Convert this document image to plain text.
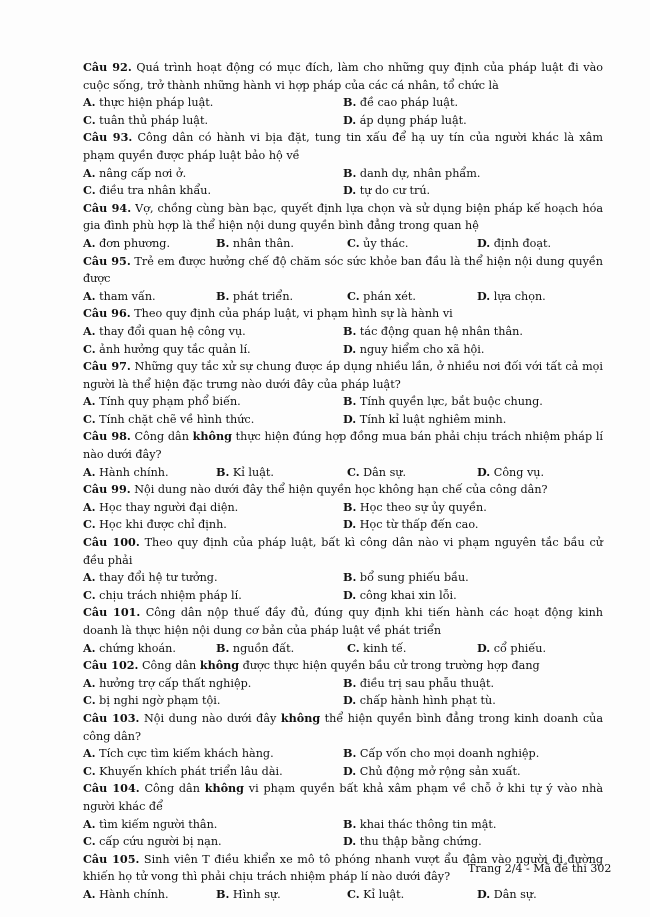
Câu 92. Quá trình hoạt động có mục đích, làm cho những quy định của pháp luật đi vào cuộc sống, trở thành những hành vi hợp pháp của các cá nhân, tổ chức là
A. thực hiện pháp luật.	B. đề cao pháp luật.
C. tuân thủ pháp luật.	D. áp dụng pháp luật.
Câu 93. Công dân có hành vi bịa đặt, tung tin xấu để hạ uy tín của người khác là xâm phạm quyền được pháp luật bảo hộ về
A. nâng cấp nơi ở.	B. danh dự, nhân phẩm.
C. điều tra nhân khẩu.	D. tự do cư trú.
Câu 94. Vợ, chồng cùng bàn bạc, quyết định lựa chọn và sử dụng biện pháp kế hoạch hóa gia đình phù hợp là thể hiện nội dung quyền bình đẳng trong quan hệ
A. đơn phương.	B. nhân thân.	C. ủy thác.	D. định đoạt.
Câu 95. Trẻ em được hưởng chế độ chăm sóc sức khỏe ban đầu là thể hiện nội dung quyền được
A. tham vấn.	B. phát triển.	C. phán xét.	D. lựa chọn.
Câu 96. Theo quy định của pháp luật, vi phạm hình sự là hành vi
A. thay đổi quan hệ công vụ.	B. tác động quan hệ nhân thân.
C. ảnh hưởng quy tắc quản lí.	D. nguy hiểm cho xã hội.
Câu 97. Những quy tắc xử sự chung được áp dụng nhiều lần, ở nhiều nơi đối với tất cả mọi người là thể hiện đặc trưng nào dưới đây của pháp luật?
A. Tính quy phạm phổ biến.	B. Tính quyền lực, bắt buộc chung.
C. Tính chặt chẽ về hình thức.	D. Tính kỉ luật nghiêm minh.
Câu 98. Công dân không thực hiện đúng hợp đồng mua bán phải chịu trách nhiệm pháp lí nào dưới đây?
A. Hành chính.	B. Kỉ luật.	C. Dân sự.	D. Công vụ.
Câu 99. Nội dung nào dưới đây thể hiện quyền học không hạn chế của công dân?
A. Học thay người đại diện.	B. Học theo sự ủy quyền.
C. Học khi được chỉ định.	D. Học từ thấp đến cao.
Câu 100. Theo quy định của pháp luật, bất kì công dân nào vi phạm nguyên tắc bầu cử đều phải
A. thay đổi hệ tư tưởng.	B. bổ sung phiếu bầu.
C. chịu trách nhiệm pháp lí.	D. công khai xin lỗi.
Câu 101. Công dân nộp thuế đầy đủ, đúng quy định khi tiến hành các hoạt động kinh doanh là thực hiện nội dung cơ bản của pháp luật về phát triển
A. chứng khoán.	B. nguồn đất.	C. kinh tế.	D. cổ phiếu.
Câu 102. Công dân không được thực hiện quyền bầu cử trong trường hợp đang
A. hưởng trợ cấp thất nghiệp.	B. điều trị sau phẫu thuật.
C. bị nghi ngờ phạm tội.	D. chấp hành hình phạt tù.
Câu 103. Nội dung nào dưới đây không thể hiện quyền bình đẳng trong kinh doanh của công dân?
A. Tích cực tìm kiếm khách hàng.	B. Cấp vốn cho mọi doanh nghiệp.
C. Khuyến khích phát triển lâu dài.	D. Chủ động mở rộng sản xuất.
Câu 104. Công dân không vi phạm quyền bất khả xâm phạm về chỗ ở khi tự ý vào nhà người khác để
A. tìm kiếm người thân.	B. khai thác thông tin mật.
C. cấp cứu người bị nạn.	D. thu thập bằng chứng.
Câu 105. Sinh viên T điều khiển xe mô tô phóng nhanh vượt ẩu đâm vào người đi đường khiến họ tử vong thì phải chịu trách nhiệm pháp lí nào dưới đây?
A. Hành chính.	B. Hình sự.	C. Kỉ luật.	D. Dân sự.
Trang 2/4 - Mã đề thi 302
